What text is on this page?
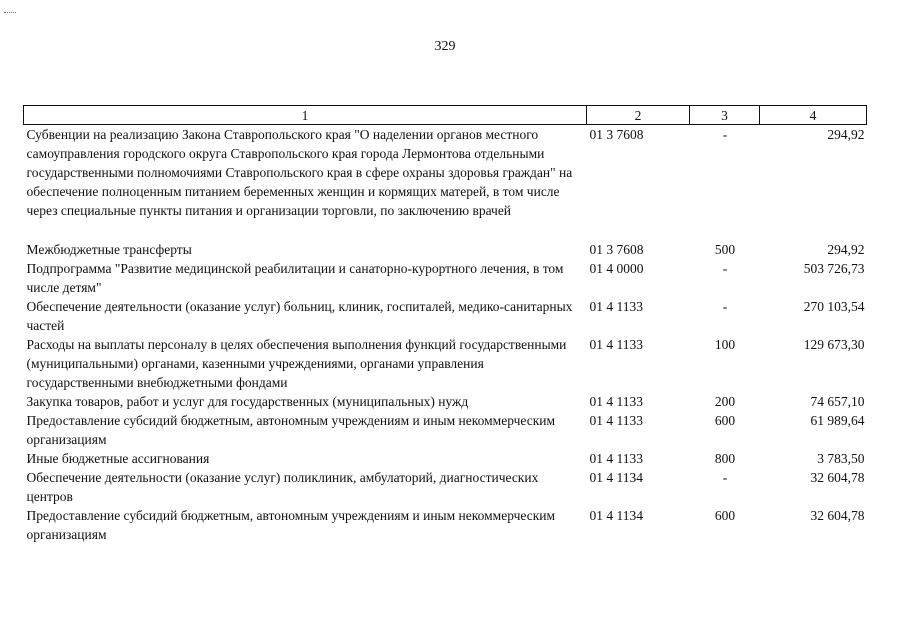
329
1	2	3	4
Субвенции на реализацию Закона Ставропольского края "О наделении органов местного самоуправления городского округа Ставропольского края города Лермонтова отдельными государственными полномочиями Ставропольского края в сфере охраны здоровья граждан" на обеспечение полноценным питанием беременных женщин и кормящих матерей, в том числе через специальные пункты питания и организации торговли, по заключению врачей	01 3 7608	-	294,92

Межбюджетные трансферты	01 3 7608	500	294,92
Подпрограмма "Развитие медицинской реабилитации и санаторно-курортного лечения, в том числе детям"	01 4 0000	-	503 726,73
Обеспечение деятельности (оказание услуг) больниц, клиник, госпиталей, медико-санитарных частей	01 4 1133	-	270 103,54
Расходы на выплаты персоналу в целях обеспечения выполнения функций государственными (муниципальными) органами, казенными учреждениями, органами управления государственными внебюджетными фондами	01 4 1133	100	129 673,30
Закупка товаров, работ и услуг для государственных (муниципальных) нужд	01 4 1133	200	74 657,10
Предоставление субсидий бюджетным, автономным учреждениям и иным некоммерческим организациям	01 4 1133	600	61 989,64
Иные бюджетные ассигнования	01 4 1133	800	3 783,50
Обеспечение деятельности (оказание услуг) поликлиник, амбулаторий, диагностических центров	01 4 1134	-	32 604,78
Предоставление субсидий бюджетным, автономным учреждениям и иным некоммерческим организациям	01 4 1134	600	32 604,78
